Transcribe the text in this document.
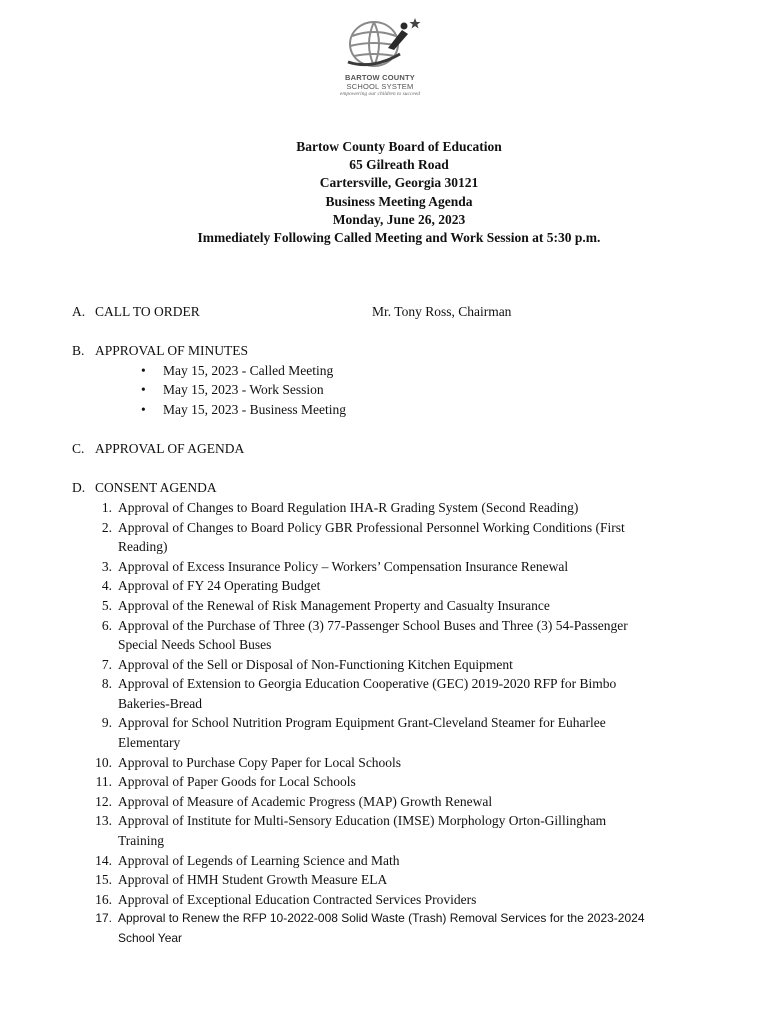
BARTOW COUNTY
SCHOOL SYSTEM
empowering our children to succeed
Bartow County Board of Education
65 Gilreath Road
Cartersville, Georgia 30121
Business Meeting Agenda
Monday, June 26, 2023
Immediately Following Called Meeting and Work Session at 5:30 p.m.
A. CALL TO ORDER	Mr. Tony Ross, Chairman
B. APPROVAL OF MINUTES
• May 15, 2023 - Called Meeting
• May 15, 2023 - Work Session
• May 15, 2023 - Business Meeting
C. APPROVAL OF AGENDA
D. CONSENT AGENDA
1. Approval of Changes to Board Regulation IHA-R Grading System (Second Reading)
2. Approval of Changes to Board Policy GBR Professional Personnel Working Conditions (First
Reading)
3. Approval of Excess Insurance Policy – Workers’ Compensation Insurance Renewal
4. Approval of FY 24 Operating Budget
5. Approval of the Renewal of Risk Management Property and Casualty Insurance
6. Approval of the Purchase of Three (3) 77-Passenger School Buses and Three (3) 54-Passenger
Special Needs School Buses
7. Approval of the Sell or Disposal of Non-Functioning Kitchen Equipment
8. Approval of Extension to Georgia Education Cooperative (GEC) 2019-2020 RFP for Bimbo
Bakeries-Bread
9. Approval for School Nutrition Program Equipment Grant-Cleveland Steamer for Euharlee
Elementary
10. Approval to Purchase Copy Paper for Local Schools
11. Approval of Paper Goods for Local Schools
12. Approval of Measure of Academic Progress (MAP) Growth Renewal
13. Approval of Institute for Multi-Sensory Education (IMSE) Morphology Orton-Gillingham
Training
14. Approval of Legends of Learning Science and Math
15. Approval of HMH Student Growth Measure ELA
16. Approval of Exceptional Education Contracted Services Providers
17. Approval to Renew the RFP 10-2022-008 Solid Waste (Trash) Removal Services for the 2023-2024
School Year
